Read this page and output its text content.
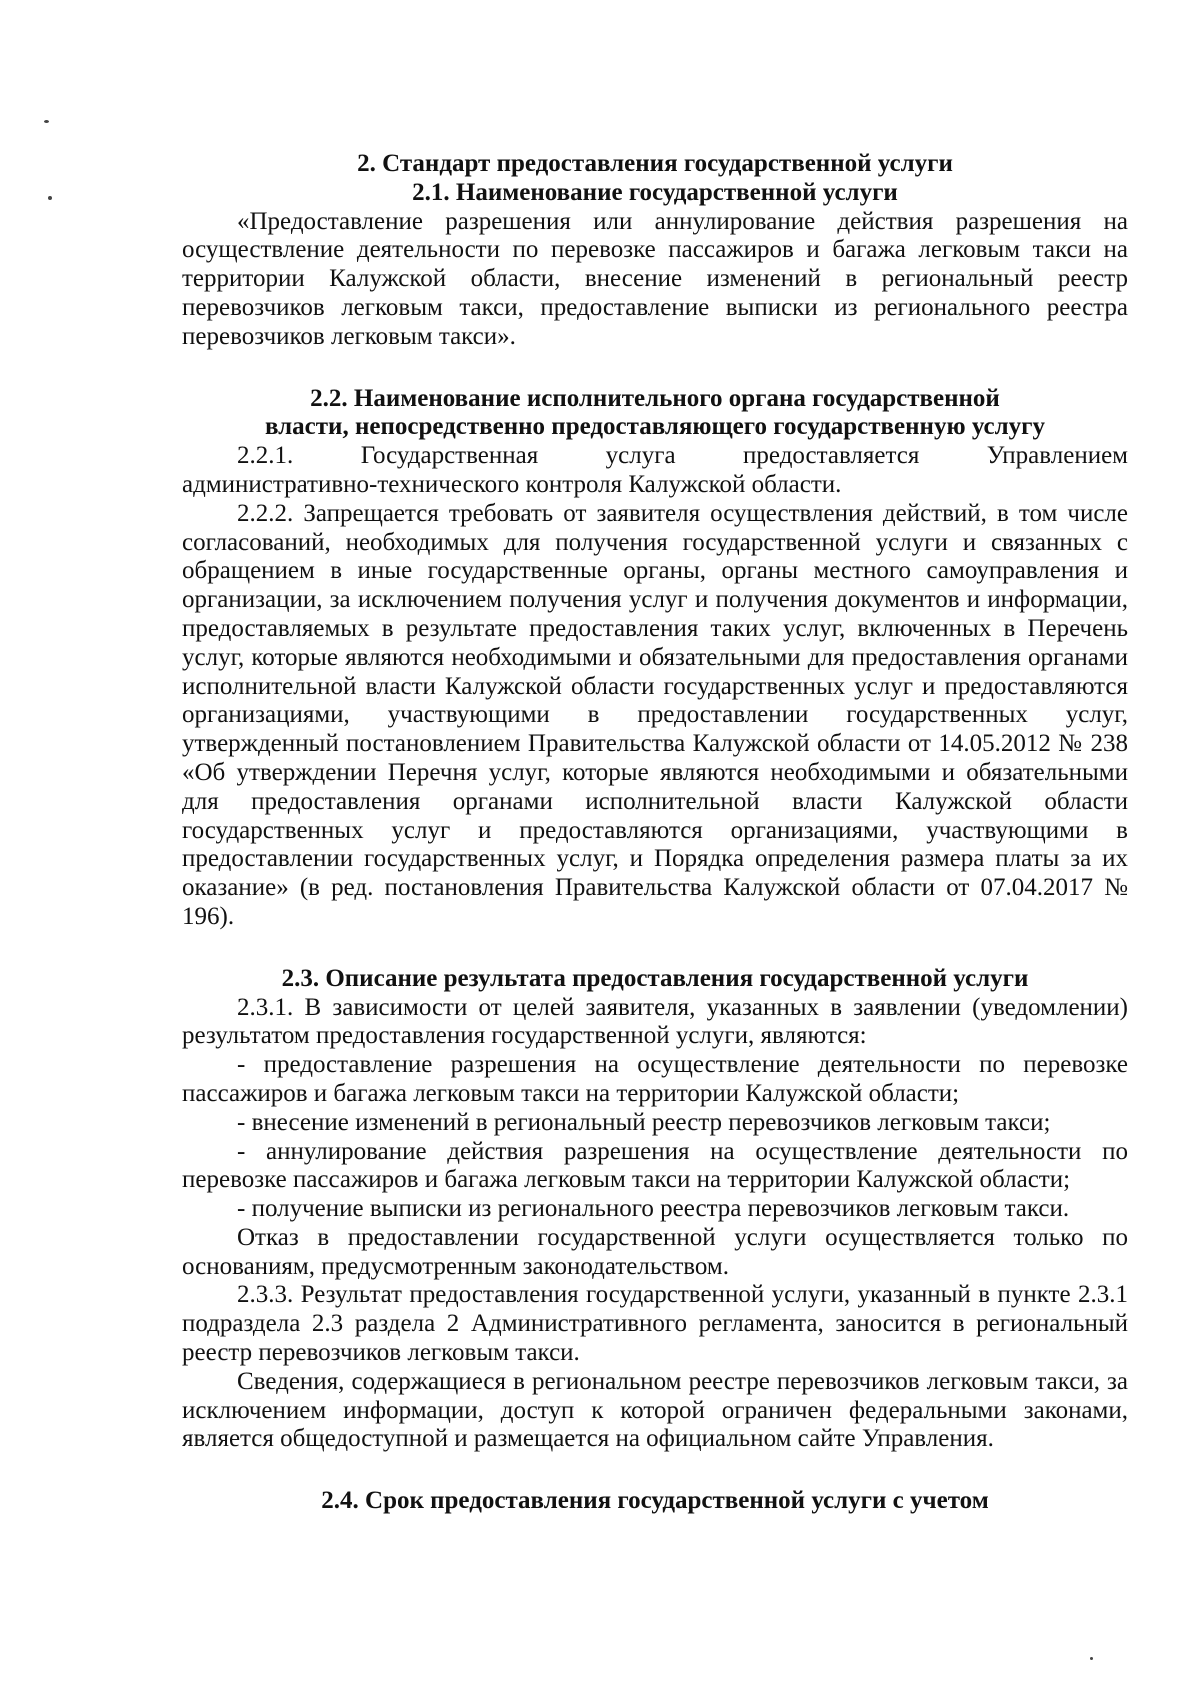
2. Стандарт предоставления государственной услуги

2.1. Наименование государственной услуги

«Предоставление разрешения или аннулирование действия разрешения на осуществление деятельности по перевозке пассажиров и багажа легковым такси на территории Калужской области, внесение изменений в региональный реестр перевозчиков легковым такси, предоставление выписки из регионального реестра перевозчиков легковым такси».

2.2. Наименование исполнительного органа государственной

власти, непосредственно предоставляющего государственную услугу

2.2.1.	Государственная	услуга	предоставляется	Управлением

административно-технического контроля Калужской области.

2.2.2. Запрещается требовать от заявителя осуществления действий, в том числе согласований, необходимых для получения государственной услуги и связанных с обращением в иные государственные органы, органы местного самоуправления и организации, за исключением получения услуг и получения документов и информации, предоставляемых в результате предоставления таких услуг, включенных в Перечень услуг, которые являются необходимыми и обязательными для предоставления органами исполнительной власти Калужской области государственных услуг и предоставляются организациями, участвующими в предоставлении государственных услуг, утвержденный постановлением Правительства Калужской области от 14.05.2012 № 238 «Об утверждении Перечня услуг, которые являются необходимыми и обязательными для предоставления органами исполнительной власти Калужской области государственных услуг и предоставляются организациями, участвующими в предоставлении государственных услуг, и Порядка определения размера платы за их оказание» (в ред. постановления Правительства Калужской области от 07.04.2017 № 196).

2.3. Описание результата предоставления государственной услуги

2.3.1. В зависимости от целей заявителя, указанных в заявлении (уведомлении) результатом предоставления государственной услуги, являются:

- предоставление разрешения на осуществление деятельности по перевозке пассажиров и багажа легковым такси на территории Калужской области;

- внесение изменений в региональный реестр перевозчиков легковым такси;

- аннулирование действия разрешения на осуществление деятельности по перевозке пассажиров и багажа легковым такси на территории Калужской области;

- получение выписки из регионального реестра перевозчиков легковым такси.

Отказ в предоставлении государственной услуги осуществляется только по основаниям, предусмотренным законодательством.

2.3.3. Результат предоставления государственной услуги, указанный в пункте 2.3.1 подраздела 2.3 раздела 2 Административного регламента, заносится в региональный реестр перевозчиков легковым такси.

Сведения, содержащиеся в региональном реестре перевозчиков легковым такси, за исключением информации, доступ к которой ограничен федеральными законами, является общедоступной и размещается на официальном сайте Управления.

2.4. Срок предоставления государственной услуги с учетом
